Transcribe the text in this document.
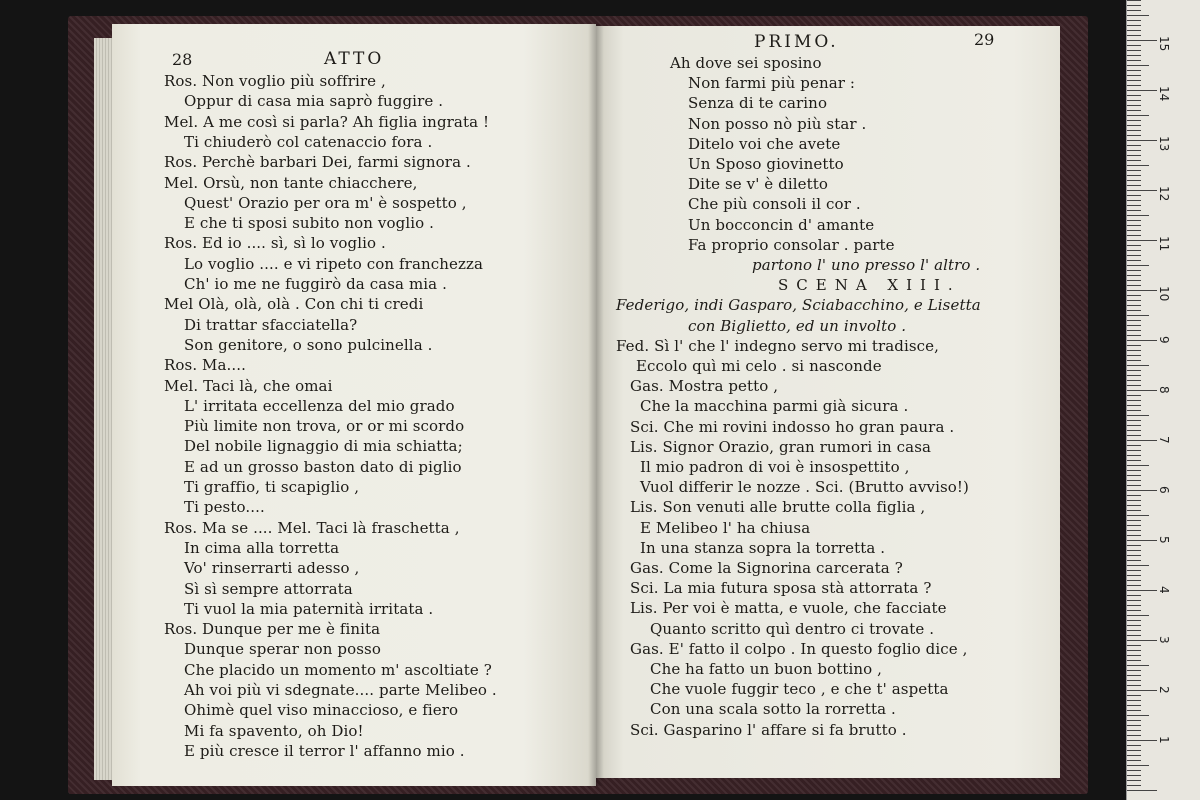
28	ATTO
Ros. Non voglio più soffrire ,
Oppur di casa mia saprò fuggire .
Mel. A me così si parla? Ah figlia ingrata !
Ti chiuderò col catenaccio fora .
Ros. Perchè barbari Dei, farmi signora .
Mel. Orsù, non tante chiacchere,
Quest' Orazio per ora m' è sospetto ,
E che ti sposi subito non voglio .
Ros. Ed io .... sì, sì lo voglio .
Lo voglio .... e vi ripeto con franchezza
Ch' io me ne fuggirò da casa mia .
Mel Olà, olà, olà . Con chi ti credi
Di trattar sfacciatella?
Son genitore, o sono pulcinella .
Ros. Ma....
Mel. Taci là, che omai
L' irritata eccellenza del mio grado
Più limite non trova, or or mi scordo
Del nobile lignaggio di mia schiatta;
E ad un grosso baston dato di piglio
Ti graffio, ti scapiglio ,
Ti pesto....
Ros. Ma se .... Mel. Taci là fraschetta ,
In cima alla torretta
Vo' rinserrarti adesso ,
Sì sì sempre attorrata
Ti vuol la mia paternità irritata .
Ros. Dunque per me è finita
Dunque sperar non posso
Che placido un momento m' ascoltiate ?
Ah voi più vi sdegnate.... parte Melibeo .
Ohimè quel viso minaccioso, e fiero
Mi fa spavento, oh Dio!
E più cresce il terror l' affanno mio .
PRIMO.	29
Ah dove sei sposino
Non farmi più penar :
Senza di te carino
Non posso nò più star .
Ditelo voi che avete
Un Sposo giovinetto
Dite se v' è diletto
Che più consoli il cor .
Un bocconcin d' amante
Fa proprio consolar . parte
partono l' uno presso l' altro .
SCENA XIII.
Federigo, indi Gasparo, Sciabacchino, e Lisetta
con Biglietto, ed un involto .
Fed. Sì l' che l' indegno servo mi tradisce,
Eccolo quì mi celo . si nasconde
Gas. Mostra petto ,
Che la macchina parmi già sicura .
Sci. Che mi rovini indosso ho gran paura .
Lis. Signor Orazio, gran rumori in casa
Il mio padron di voi è insospettito ,
Vuol differir le nozze . Sci. (Brutto avviso!)
Lis. Son venuti alle brutte colla figlia ,
E Melibeo l' ha chiusa
In una stanza sopra la torretta .
Gas. Come la Signorina carcerata ?
Sci. La mia futura sposa stà attorrata ?
Lis. Per voi è matta, e vuole, che facciate
Quanto scritto quì dentro ci trovate .
Gas. E' fatto il colpo . In questo foglio dice ,
Che ha fatto un buon bottino ,
Che vuole fuggir teco , e che t' aspetta
Con una scala sotto la rorretta .
Sci. Gasparino l' affare si fa brutto .
1
2
3
4
5
6
7
8
9
10
11
12
13
14
15
